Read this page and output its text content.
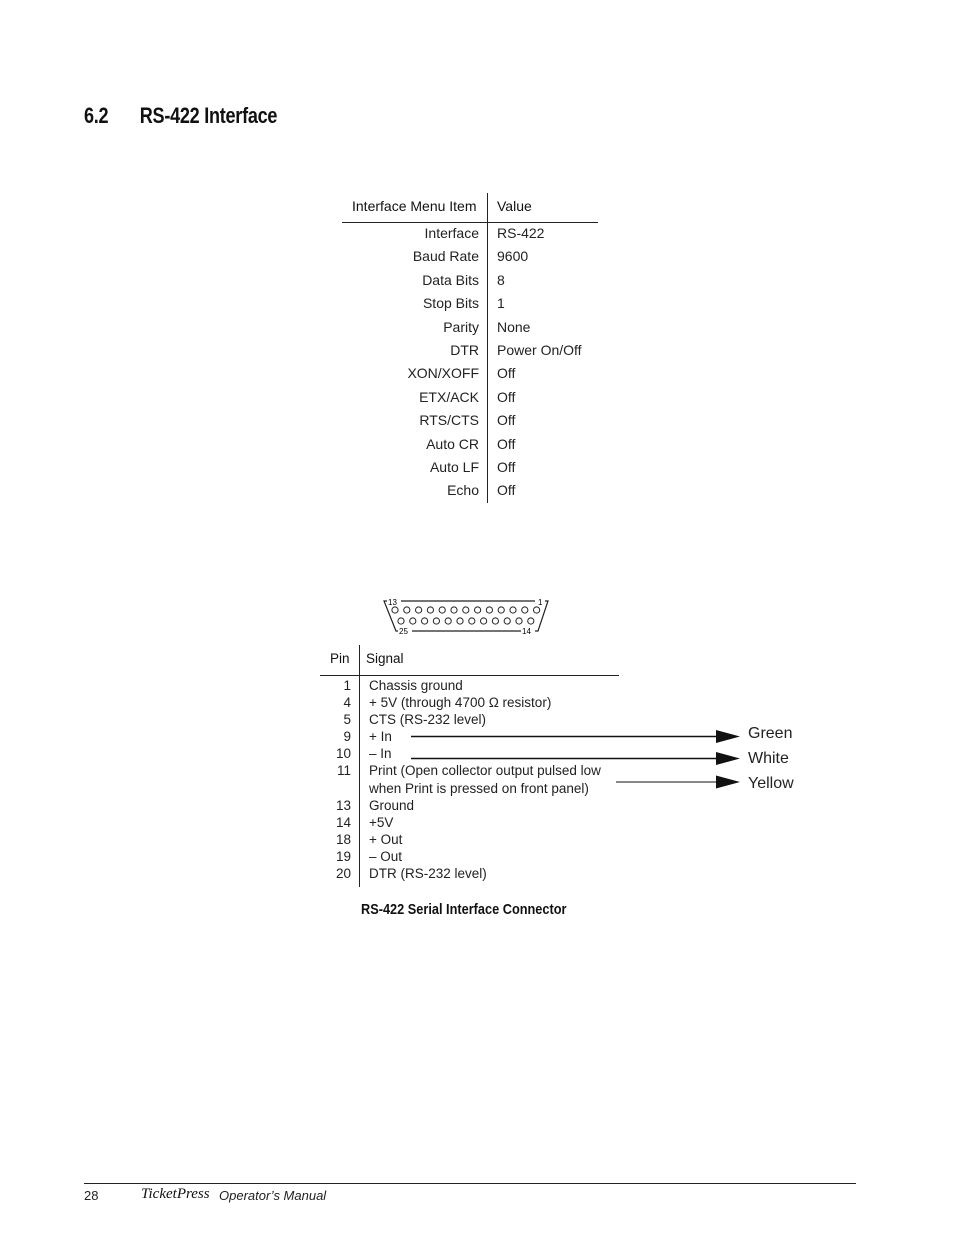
6.2 RS-422 Interface
Interface Menu Item Value
Interface RS-422
Baud Rate 9600
Data Bits 8
Stop Bits 1
Parity None
DTR Power On/Off
XON/XOFF Off
ETX/ACK Off
RTS/CTS Off
Auto CR Off
Auto LF Off
Echo Off
13	1
25	14
Pin Signal
1 Chassis ground
4 + 5V (through 4700 Ω resistor)
5 CTS (RS-232 level)
9 + In
10 – In
11 Print (Open collector output pulsed low
when Print is pressed on front panel)
13 Ground
14 +5V
18 + Out
19 – Out
20 DTR (RS-232 level)
Green
White
Yellow
RS-422 Serial Interface Connector
28	TicketPress Operator’s Manual
